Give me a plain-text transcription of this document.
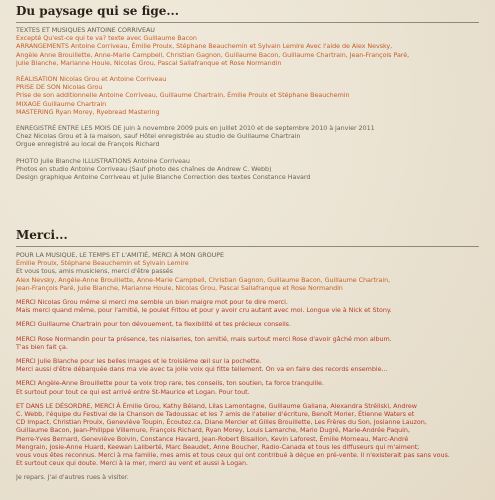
Du paysage qui se fige...
TEXTES ET MUSIQUES ANTOINE CORRIVEAU
Excepté Qu'est-ce qui te va? texte avec Guillaume Bacon
ARRANGEMENTS Antoine Corriveau, Émilie Proulx, Stéphane Beauchemin et Sylvain Lemire Avec l'aide de Alex Nevsky,
Angèle Anne Brouillette, Anne-Marie Campbell, Christian Gagnon, Guillaume Bacon, Guillaume Chartrain, Jean-François Paré,
Julie Blanche, Marianne Houle, Nicolas Grou, Pascal Sallafranque et Rose Normandin
RÉALISATION Nicolas Grou et Antoine Corriveau
PRISE DE SON Nicolas Grou
Prise de son additionnelle Antoine Corriveau, Guillaume Chartrain, Émilie Proulx et Stéphane Beauchemin
MIXAGE Guillaume Chartrain
MASTERING Ryan Morey, Ryebread Mastering
ENREGISTRÉ ENTRE LES MOIS DE juin à novembre 2009 puis en juillet 2010 et de septembre 2010 à janvier 2011
Chez Nicolas Grou et à la maison, sauf Hôtel enregistrée au studio de Guillaume Chartrain
Orgue enregistré au local de François Richard
PHOTO Julie Blanche ILLUSTRATIONS Antoine Corriveau
Photos en studio Antoine Corriveau (Sauf photo des chaînes de Andrew C. Webb)
Design graphique Antoine Corriveau et Julie Blanche Correction des textes Constance Havard
Merci...
POUR LA MUSIQUE, LE TEMPS ET L'AMITIÉ, MERCI À MON GROUPE
Émilie Proulx, Stéphane Beauchemin et Sylvain Lemire
Et vous tous, amis musiciens, merci d'être passés
Alex Nevsky, Angèle-Anne Brouillette, Anne-Marie Campbell, Christian Gagnon, Guillaume Bacon, Guillaume Chartrain,
Jean-François Paré, Julie Blanche, Marianne Houle, Nicolas Grou, Pascal Sallafranque et Rose Normandin
MERCI Nicolas Grou même si merci me semble un bien maigre mot pour te dire merci.
Mais merci quand même, pour l'amitié, le poulet Fritou et pour y avoir cru autant avec moi. Longue vie à Nick et Stony.
MERCI Guillaume Chartrain pour ton dévouement, ta flexibilité et tes précieux conseils.
MERCI Rose Normandin pour ta présence, tes niaiseries, ton amitié, mais surtout merci Rose d'avoir gâché mon album.
T'as bien fait ça.
MERCI Julie Blanche pour les belles images et le troisième œil sur la pochette.
Merci aussi d'être débarquée dans ma vie avec ta jolie voix qui fitte tellement. On va en faire des records ensemble...
MERCI Angèle-Anne Brouillette pour ta voix trop rare, tes conseils, ton soutien, ta force tranquille.
Et surtout pour tout ce qui est arrivé entre St-Maurice et Logan. Pour tout.
ET DANS LE DÉSORDRE, MERCI À Émilie Grou, Kathy Béland, Lilas Lamontagne, Guillaume Galiana, Alexandra Stréliski, Andrew
C. Webb, l'équipe du Festival de la Chanson de Tadoussac et les 7 amis de l'atelier d'écriture, Benoît Morier, Étienne Waters et
CD Impact, Christian Proulx, Geneviève Toupin, Écoutez.ca, Diane Mercier et Gilles Brouillette, Les Frères du Son, Josianne Lauzon,
Guillaume Bacon, Jean-Philippe Villemure, François Richard, Ryan Morey, Louis Lamarche, Mario Dugré, Marie-Andrée Paquin,
Pierre-Yves Bernard, Geneviève Boivin, Constance Havard, Jean-Robert Bisaillon, Kevin Laforest, Émilie Morneau, Marc-André
Mengrain, Josie-Anne Huard, Keewan Laliberté, Marc Beaudet, Anne Boucher, Radio-Canada et tous les diffuseurs qui m'aiment;
vous vous êtes reconnus. Merci à ma famille, mes amis et tous ceux qui ont contribué à déçue en pré-vente. Il n'existerait pas sans vous.
Et surtout ceux qui doute. Merci à la mer, merci au vent et aussi à Logan.
Je repars. J'ai d'autres rues à visiter.
